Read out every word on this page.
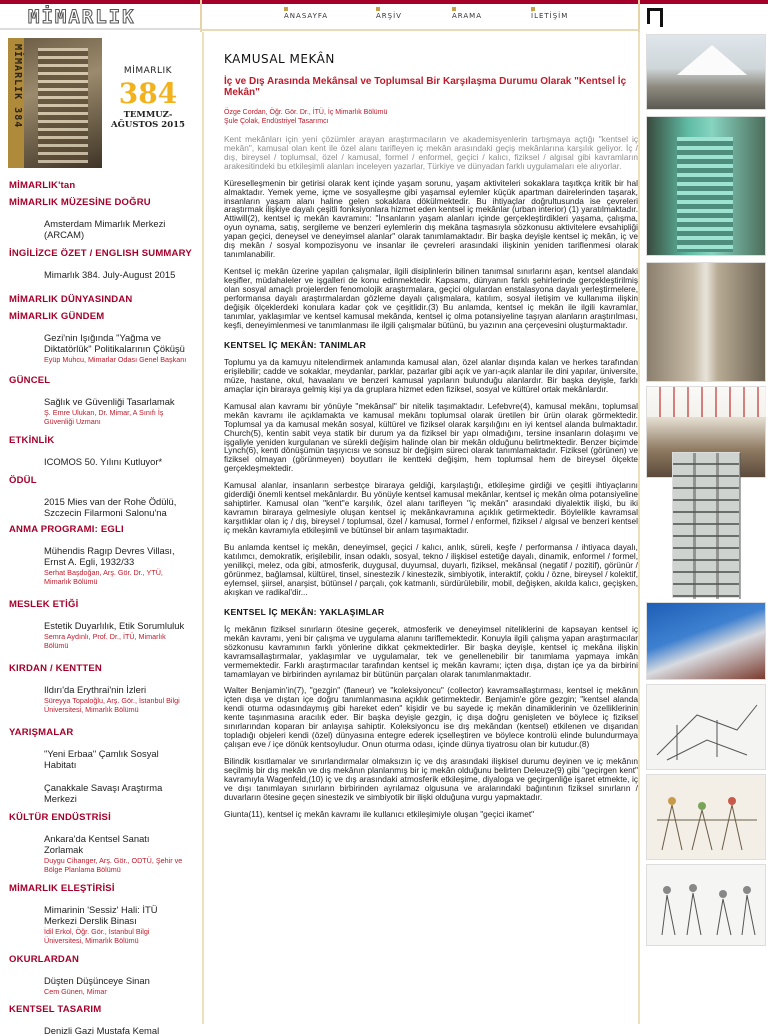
MİMARLIK	ANASAYFA	ARŞİV	ARAMA	İLETİŞİM
MİMARLIK 384	MİMARLIK
384
TEMMUZ-AĞUSTOS 2015
MİMARLIK'tan
MİMARLIK MÜZESİNE DOĞRU
Amsterdam Mimarlık Merkezi (ARCAM)
İNGİLİZCE ÖZET / ENGLISH SUMMARY
Mimarlık 384. July-August 2015
MİMARLIK DÜNYASINDAN
MİMARLIK GÜNDEM
Gezi'nin Işığında "Yağma ve Diktatörlük" Politikalarının Çöküşü
Eyüp Muhcu, Mimarlar Odası Genel Başkanı
GÜNCEL
Sağlık ve Güvenliği Tasarlamak
Ş. Emre Ulukan, Dr. Mimar, A Sınıfı İş Güvenliği Uzmanı
ETKİNLİK
ICOMOS 50. Yılını Kutluyor*
ÖDÜL
2015 Mies van der Rohe Ödülü, Szczecin Filarmoni Salonu'na
ANMA PROGRAMI: EGLI
Mühendis Ragıp Devres Villası, Ernst A. Egli, 1932/33
Serhat Başdoğan, Arş. Gör. Dr., YTÜ, Mimarlık Bölümü
MESLEK ETİĞİ
Estetik Duyarlılık, Etik Sorumluluk
Semra Aydınlı, Prof. Dr., İTÜ, Mimarlık Bölümü
KIRDAN / KENTTEN
Ildırı'da Erythrai'nin İzleri
Süreyya Topaloğlu, Arş. Gör., İstanbul Bilgi Üniversitesi, Mimarlık Bölümü
YARIŞMALAR
"Yeni Erbaa" Çamlık Sosyal Habitatı
Çanakkale Savaşı Araştırma Merkezi
KÜLTÜR ENDÜSTRİSİ
Ankara'da Kentsel Sanatı Zorlamak
Duygu Cihanger, Arş. Gör., ODTÜ, Şehir ve Bölge Planlama Bölümü
MİMARLIK ELEŞTİRİSİ
Mimarinin 'Sessiz' Hali: İTÜ Merkezi Derslik Binası
İdil Erkol, Öğr. Gör., İstanbul Bilgi Üniversitesi, Mimarlık Bölümü
OKURLARDAN
Düşten Düşünceye Sinan
Cem Günen, Mimar
KENTSEL TASARIM
Denizli Gazi Mustafa Kemal
KAMUSAL MEKÂN
İç ve Dış Arasında Mekânsal ve Toplumsal Bir Karşılaşma Durumu Olarak "Kentsel İç Mekân"
Özge Cordan, Öğr. Gör. Dr., İTÜ, İç Mimarlık Bölümü
Şule Çolak, Endüstriyel Tasarımcı
Kent mekânları için yeni çözümler arayan araştırmacıların ve akademisyenlerin tartışmaya açtığı "kentsel iç mekân", kamusal olan kent ile özel alanı tarifleyen iç mekân arasındaki geçiş mekânlarına karşılık geliyor. İç / dış, bireysel / toplumsal, özel / kamusal, formel / enformel, geçici / kalıcı, fiziksel / algısal gibi kavramların arakesitindeki bu etkileşimli alanları inceleyen yazarlar, Türkiye ve dünyadan farklı uygulamaları ele alıyorlar.
Küreselleşmenin bir getirisi olarak kent içinde yaşam sorunu, yaşam aktiviteleri sokaklara taşıtkça kritik bir hal almaktadır. Yemek yeme, içme ve sosyalleşme gibi yaşamsal eylemler küçük apartman dairelerinden taşarak, insanların yaşam alanı haline gelen sokaklara dökülmektedir. Bu ihtiyaçlar doğrultusunda ise çevreleri araştırmak ilişkiye dayalı çeşitli fonksiyonlara hizmet eden kentsel iç mekânlar (urban interior) (1) yaratılmaktadır. Attiwill(2), kentsel iç mekân kavramını: "İnsanların yaşam alanları içinde gerçekleştirdikleri yaşama, çalışma, oyun oynama, satış, sergileme ve benzeri eylemlerin dış mekâna taşmasıyla sözkonusu aktivitelere evsahipliği yapan geçici, deneysel ve deneyimsel alanlar" olarak tanımlamaktadır. Bir başka deyişle kentsel iç mekân, iç ve dış mekân / sosyal kompozisyonu ve insanlar ile çevreleri arasındaki ilişkinin yeniden tariflenmesi olarak tanımlanabilir.
Kentsel iç mekân üzerine yapılan çalışmalar, ilgili disiplinlerin bilinen tanımsal sınırlarını aşan, kentsel alandaki keşifler, müdahaleler ve işgalleri de konu edinmektedir. Kapsamı, dünyanın farklı şehirlerinde gerçekleştirilmiş olan sosyal amaçlı projelerden fenomolojik araştırmalara, geçici olgulardan enstalasyona dayalı yerleştirmelere, performansa dayalı araştırmalardan gözleme dayalı çalışmalara, katılım, sosyal iletişim ve kullanıma ilişkin değişik ölçeklerdeki konulara kadar çok ve çeşitlidir.(3) Bu anlamda, kentsel iç mekân ile ilgili kavramlar, tanımlar, yaklaşımlar ve kentsel kamusal mekânda, kentsel iç olma potansiyeline taşıyan alanların araştırılması, keşfi, deneyimlenmesi ve tanımlanması ile ilgili çalışmalar bütünü, bu yazının ana çerçevesini oluşturmaktadır.
KENTSEL İÇ MEKÂN: TANIMLAR
Toplumu ya da kamuyu nitelendirmek anlamında kamusal alan, özel alanlar dışında kalan ve herkes tarafından erişilebilir; cadde ve sokaklar, meydanlar, parklar, pazarlar gibi açık ve yarı-açık alanlar ile dini yapılar, üniversite, müze, hastane, okul, havaalanı ve benzeri kamusal yapıların bulunduğu alanlardır. Bir başka deyişle, farklı amaçlar için biraraya gelmiş kişi ya da gruplara hizmet eden fiziksel, sosyal ve kültürel ortak mekânlardır.
Kamusal alan kavramı bir yönüyle "mekânsal" bir nitelik taşımaktadır. Lefebvre(4), kamusal mekânı, toplumsal mekân kavramı ile açıklamakta ve kamusal mekânı toplumsal olarak üretilen bir ürün olarak görmektedir. Toplumsal ya da kamusal mekân sosyal, kültürel ve fiziksel olarak karşılığını en iyi kentsel alanda bulmaktadır. Church(5), kentin sabit veya statik bir durum ya da fiziksel bir yapı olmadığını, tersine insanların dolaşımı ve işgaliyle yeniden kurgulanan ve sürekli değişim halinde olan bir mekân olduğunu belirtmektedir. Benzer biçimde Lynch(6), kenti dönüşümün taşıyıcısı ve sonsuz bir değişim süreci olarak tanımlamaktadır. Fiziksel (görünen) ve fiziksel olmayan (görünmeyen) boyutları ile kentteki değişim, hem toplumsal hem de bireysel ölçekte gerçekleşmektedir.
Kamusal alanlar, insanların serbestçe biraraya geldiği, karşılaştığı, etkileşime girdiği ve çeşitli ihtiyaçlarını giderdiği önemli kentsel mekânlardır. Bu yönüyle kentsel kamusal mekânlar, kentsel iç mekân olma potansiyeline sahiptirler. Kamusal olan "kent"e karşılık, özel alanı tarifleyen "iç mekân" arasındaki diyalektik ilişki, bu iki kavramın biraraya gelmesiyle oluşan kentsel iç mekânkavramına açıklık getirmektedir. Böylelikle kavramsal karşıtlıklar olan iç / dış, bireysel / toplumsal, özel / kamusal, formel / enformel, fiziksel / algısal ve benzeri kentsel iç mekân kavramıyla etkileşimli ve bütünsel bir anlam taşımaktadır.
Bu anlamda kentsel iç mekân, deneyimsel, geçici / kalıcı, anlık, süreli, keşfe / performansa / ihtiyaca dayalı, katılımcı, demokratik, erişilebilir, insan odaklı, sosyal, tekno / ilişkisel estetiğe dayalı, dinamik, enformel / formel, yenilikçi, melez, oda gibi, atmosferik, duygusal, duyumsal, duyarlı, fiziksel, mekânsal (negatif / pozitif), görünür / görünmez, bağlamsal, kültürel, tinsel, sinestezik / kinestezik, simbiyotik, interaktif, çoklu / özne, bireysel / kolektif, eylemsel, şiirsel, anarşist, bütünsel / parçalı, çok katmanlı, sürdürülebilir, mobil, değişken, akılda kalıcı, geçişken, akışkan ve radikal'dir...
KENTSEL İÇ MEKÂN: YAKLAŞIMLAR
İç mekânın fiziksel sınırların ötesine geçerek, atmosferik ve deneyimsel niteliklerini de kapsayan kentsel iç mekân kavramı, yeni bir çalışma ve uygulama alanını tariflemektedir. Konuyla ilgili çalışma yapan araştırmacılar sözkonusu kavramının farklı yönlerine dikkat çekmektedirler. Bir başka deyişle, kentsel iç mekâna ilişkin kavramsallaştırmalar, yaklaşımlar ve uygulamalar, tek ve genellenebilir bir tanımlama yapmaya imkân vermemektedir. Farklı araştırmacılar tarafından kentsel iç mekân kavramı; içten dışa, dıştan içe ya da birbirini tamamlayan ve birbirinden ayrılamaz bir bütünün parçaları olarak tanımlanmaktadır.
Walter Benjamin'in(7), "gezgin" (flaneur) ve "koleksiyoncu" (collector) kavramsallaştırması, kentsel iç mekânın içten dışa ve dıştan içe doğru tanımlanmasına açıklık getirmektedir. Benjamin'e göre gezgin; "kentsel alanda kendi oturma odasındaymış gibi hareket eden" kişidir ve bu sayede iç mekân dinamiklerinin ve özelliklerinin kente taşınmasına aracılık eder. Bir başka deyişle gezgin, iç dışa doğru genişleten ve böylece iç fiziksel sınırlarından koparan bir anlayışa sahiptir. Koleksiyoncu ise dış mekândan (kentsel) etkilenen ve dışarıdan topladığı objeleri kendi (özel) dünyasına entegre ederek içselleştiren ve böylece kontrolü elinde bulundurmaya çalışan eve / içe dönük kentsoyludur. Onun oturma odası, içinde dünya tiyatrosu olan bir kutudur.(8)
Bilindik kısıtlamalar ve sınırlandırmalar olmaksızın iç ve dış arasındaki ilişkisel durumu deyinen ve iç mekânın seçilmiş bir dış mekân ve dış mekânın planlanmış bir iç mekân olduğunu belirten Deleuze(9) gibi "geçirgen kent" kavramıyla Wagenfeld,(10) iç ve dış arasındaki atmosferik etkileşime, diyaloga ve geçirgenliğe işaret etmekte, iç ve dışı tanımlayan sınırların birbirinden ayrılamaz olgusuna ve aralarındaki bağıntının fiziksel sınırların / duvarların ötesine geçen sinestezik ve simbiyotik bir ilişki olduğuna vurgu yapmaktadır.
Giunta(11), kentsel iç mekân kavramı ile kullanıcı etkileşimiyle oluşan "geçici ikamet"
